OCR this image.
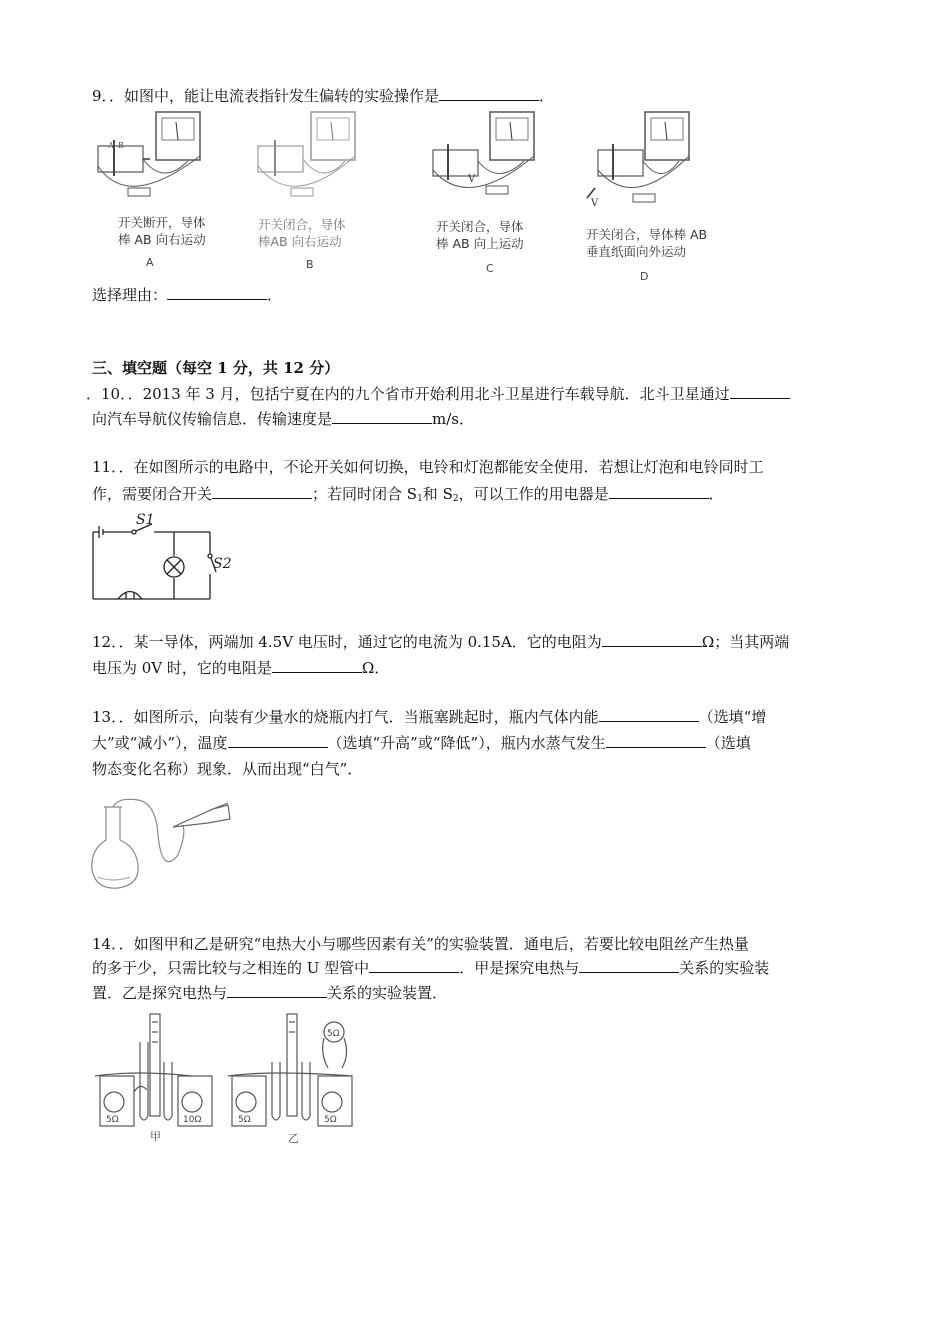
9．．如图中，能让电流表指针发生偏转的实验操作是	．
A B
开关断开，导体
棒 AB 向右运动
A
开关闭合，导体
棒AB 向右运动
B
V
开关闭合，导体
棒 AB 向上运动
C
V
开关闭合，导体棒 AB
垂直纸面向外运动
D
选择理由：	．
三、填空题（每空 1 分，共 12 分）
．10．．2013 年 3 月，包括宁夏在内的九个省市开始利用北斗卫星进行车载导航．北斗卫星通过
向汽车导航仪传输信息．传输速度是	m/s．
11．．在如图所示的电路中，不论开关如何切换，电铃和灯泡都能安全使用．若想让灯泡和电铃同时工
作，需要闭合开关	；若同时闭合 $S_1$和 $S_2$，可以工作的用电器是	．
S1
S2
12．．某一导体，两端加 4.5V 电压时，通过它的电流为 0.15A．它的电阻为	Ω；当其两端
电压为 0V 时，它的电阻是	Ω．
13．．如图所示，向装有少量水的烧瓶内打气．当瓶塞跳起时，瓶内气体内能	（选填“增
大”或“减小”），温度	（选填“升高”或“降低”），瓶内水蒸气发生	（选填
物态变化名称）现象．从而出现“白气”．
14．．如图甲和乙是研究“电热大小与哪些因素有关”的实验装置．通电后，若要比较电阻丝产生热量
的多于少，只需比较与之相连的 U 型管中	．甲是探究电热与	关系的实验装
置．乙是探究电热与	关系的实验装置．
5Ω	10Ω	5Ω	5Ω
5Ω
甲	乙
